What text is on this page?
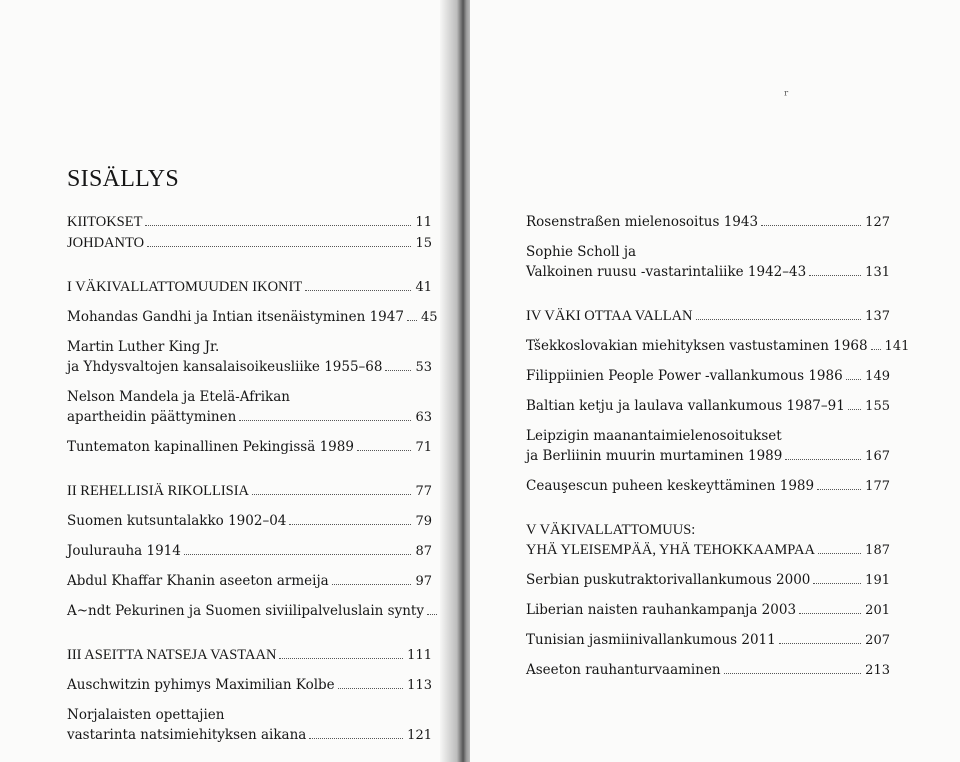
SISÄLLYS
KIITOKSET	11
JOHDANTO	15
I VÄKIVALLATTOMUUDEN IKONIT	41
Mohandas Gandhi ja Intian itsenäistyminen 1947 45
Martin Luther King Jr.
ja Yhdysvaltojen kansalaisoikeusliike 1955–68	53
Nelson Mandela ja Etelä-Afrikan
apartheidin päättyminen	63
Tuntematon kapinallinen Pekingissä 1989	71
II REHELLISIÄ RIKOLLISIA	77
Suomen kutsuntalakko 1902–04	79
Joulurauha 1914	87
Abdul Khaffar Khanin aseeton armeija	97
A~ndt Pekurinen ja Suomen siviilipalveluslain synty
III ASEITTA NATSEJA VASTAAN	111
Auschwitzin pyhimys Maximilian Kolbe	113
Norjalaisten opettajien
vastarinta natsimiehityksen aikana	121
ʳ
Rosenstraßen mielenosoitus 1943	127
Sophie Scholl ja
Valkoinen ruusu -vastarintaliike 1942–43	131
IV VÄKI OTTAA VALLAN	137
Tšekkoslovakian miehityksen vastustaminen 1968 141
Filippiinien People Power -vallankumous 1986 149
Baltian ketju ja laulava vallankumous 1987–91 155
Leipzigin maanantaimielenosoitukset
ja Berliinin muurin murtaminen 1989	167
Ceauşescun puheen keskeyttäminen 1989	177
V VÄKIVALLATTOMUUS:
YHÄ YLEISEMPÄÄ, YHÄ TEHOKKAAMPAA	187
Serbian puskutraktorivallankumous 2000	191
Liberian naisten rauhankampanja 2003	201
Tunisian jasmiinivallankumous 2011	207
Aseeton rauhanturvaaminen	213
